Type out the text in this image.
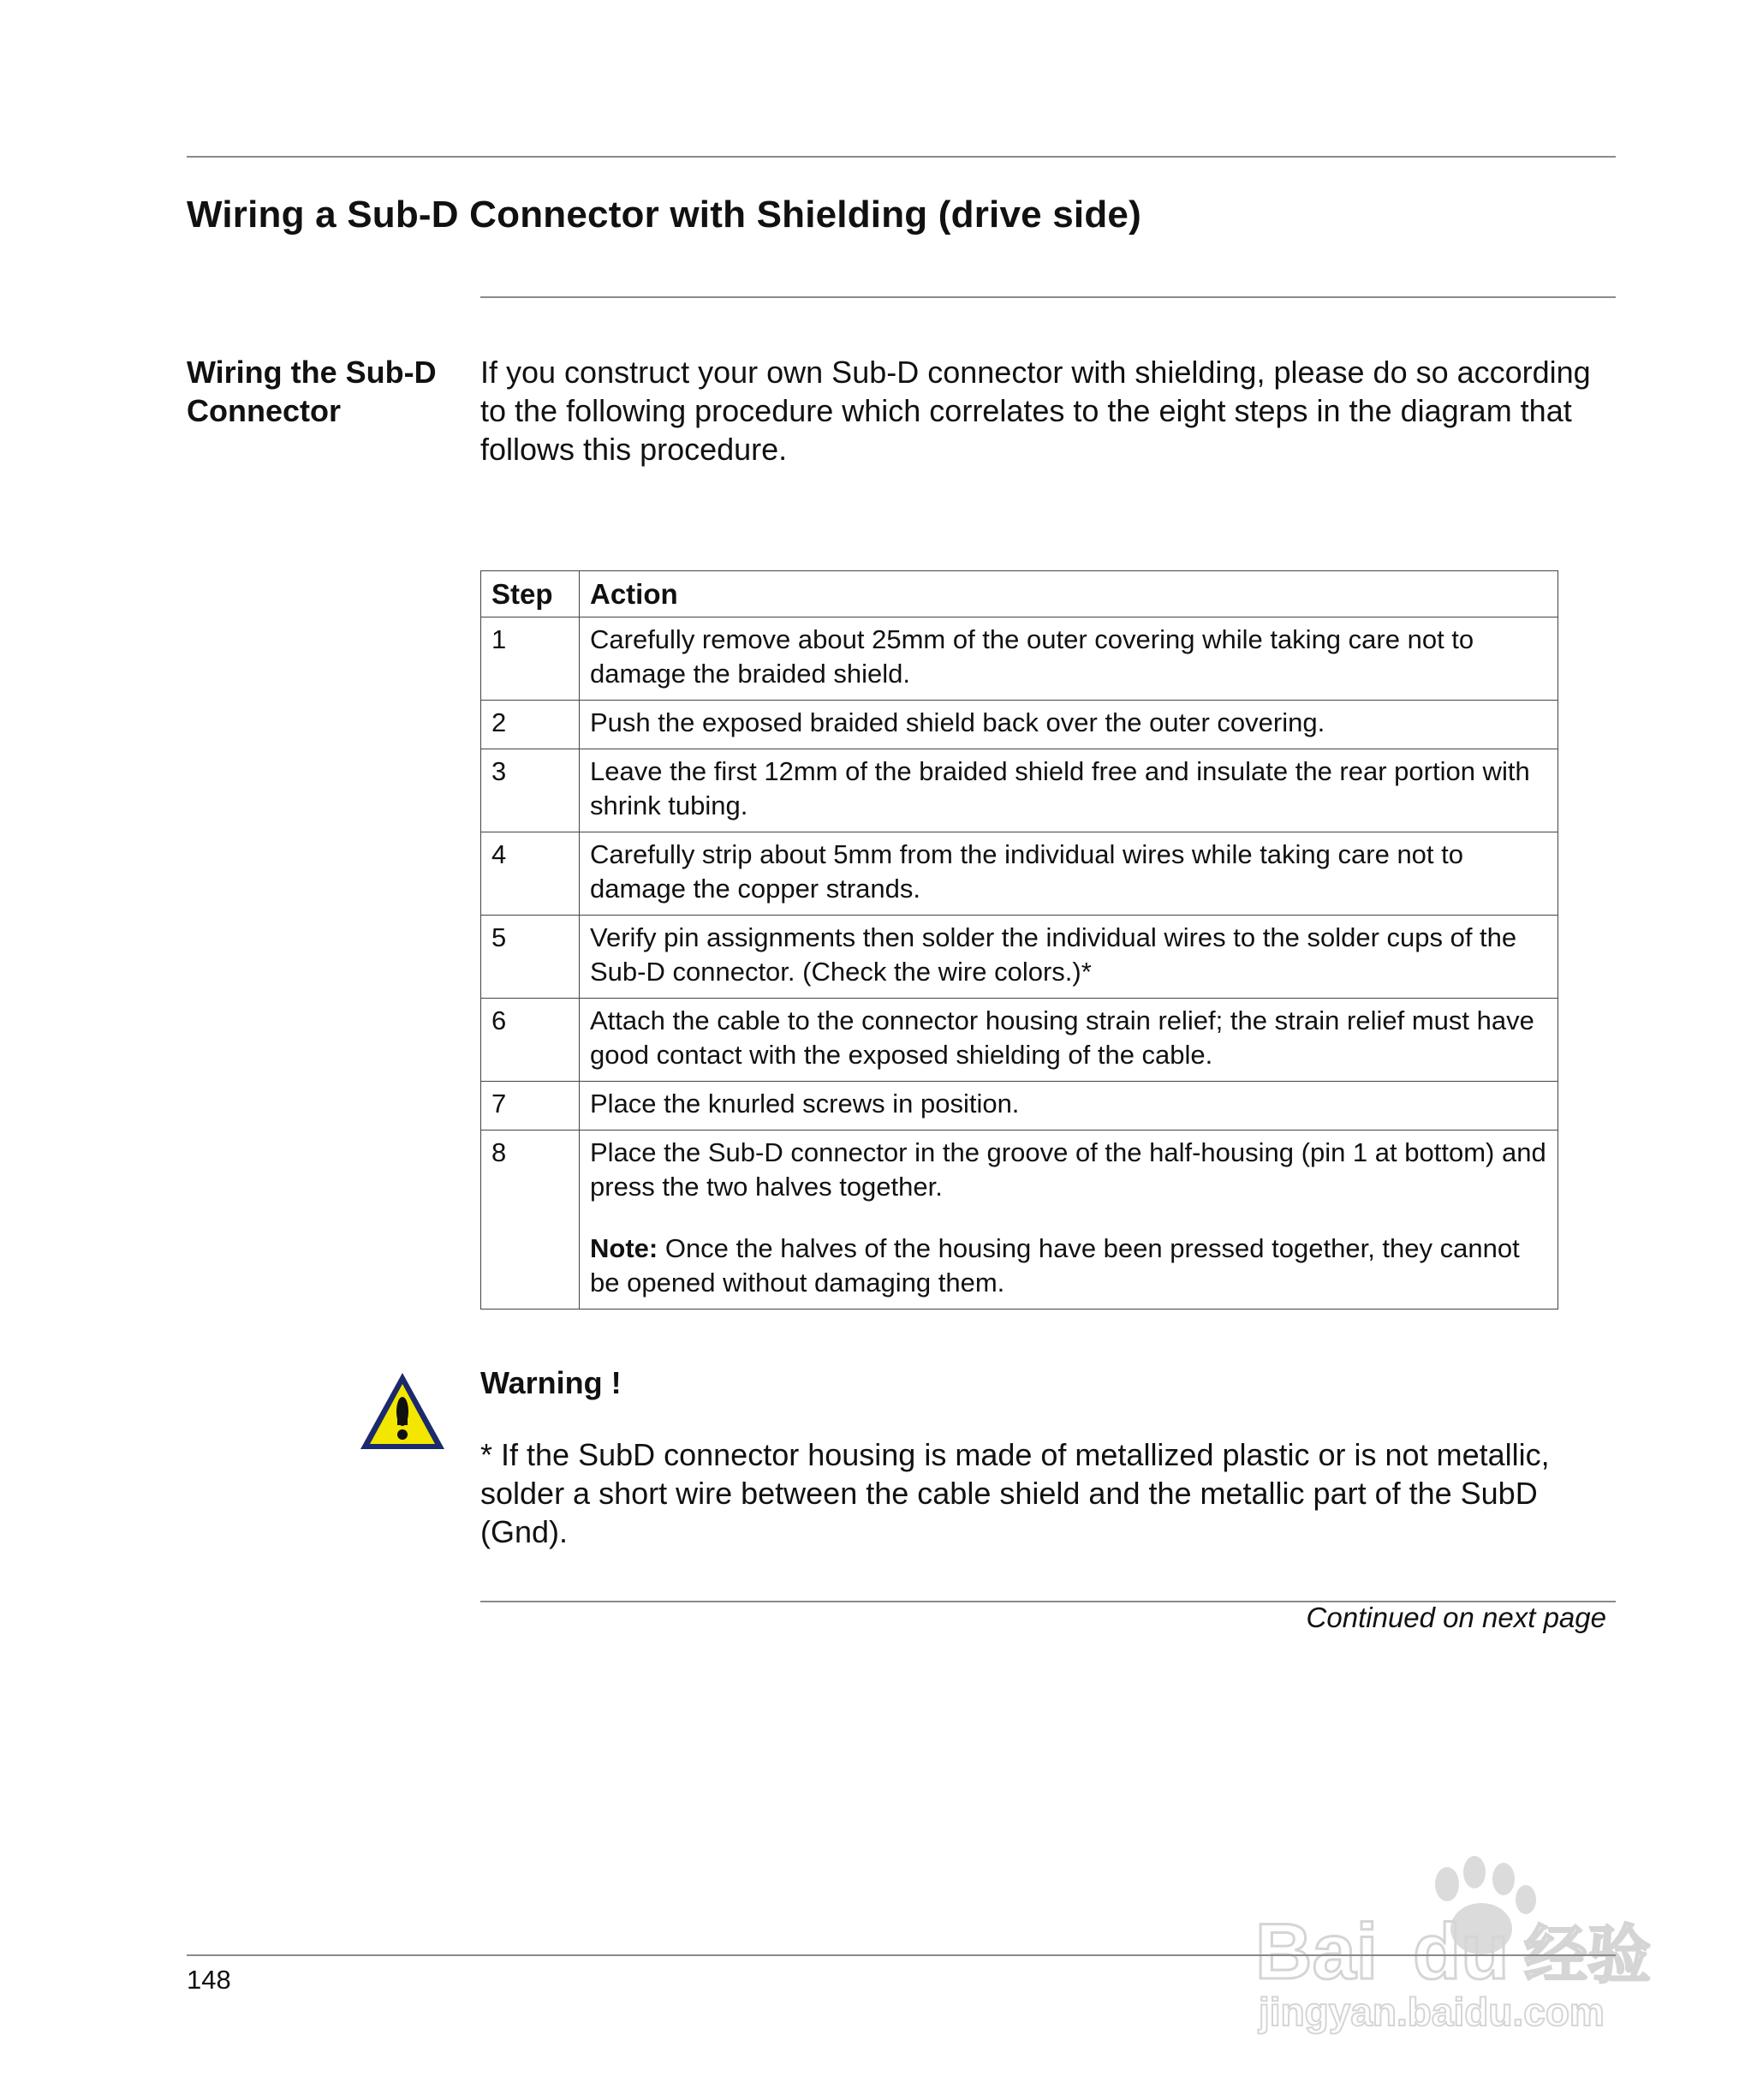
Wiring a Sub-D Connector with Shielding (drive side)
Wiring the Sub-D Connector
If you construct your own Sub-D connector with shielding, please do so according to the following procedure which correlates to the eight steps in the diagram that follows this procedure.
Step	Action
1	Carefully remove about 25mm of the outer covering while taking care not to damage the braided shield.
2	Push the exposed braided shield back over the outer covering.
3	Leave the first 12mm of the braided shield free and insulate the rear portion with shrink tubing.
4	Carefully strip about 5mm from the individual wires while taking care not to damage the copper strands.
5	Verify pin assignments then solder the individual wires to the solder cups of the Sub-D connector. (Check the wire colors.)*
6	Attach the cable to the connector housing strain relief; the strain relief must have good contact with the exposed shielding of the cable.
7	Place the knurled screws in position.
8	Place the Sub-D connector in the groove of the half-housing (pin 1 at bottom) and press the two halves together.
Note: Once the halves of the housing have been pressed together, they cannot be opened without damaging them.
Warning !
* If the SubD connector housing is made of metallized plastic or is not metallic, solder a short wire between the cable shield and the metallic part of the SubD (Gnd).
Continued on next page
148	Bai du 经验
jingyan.baidu.com
